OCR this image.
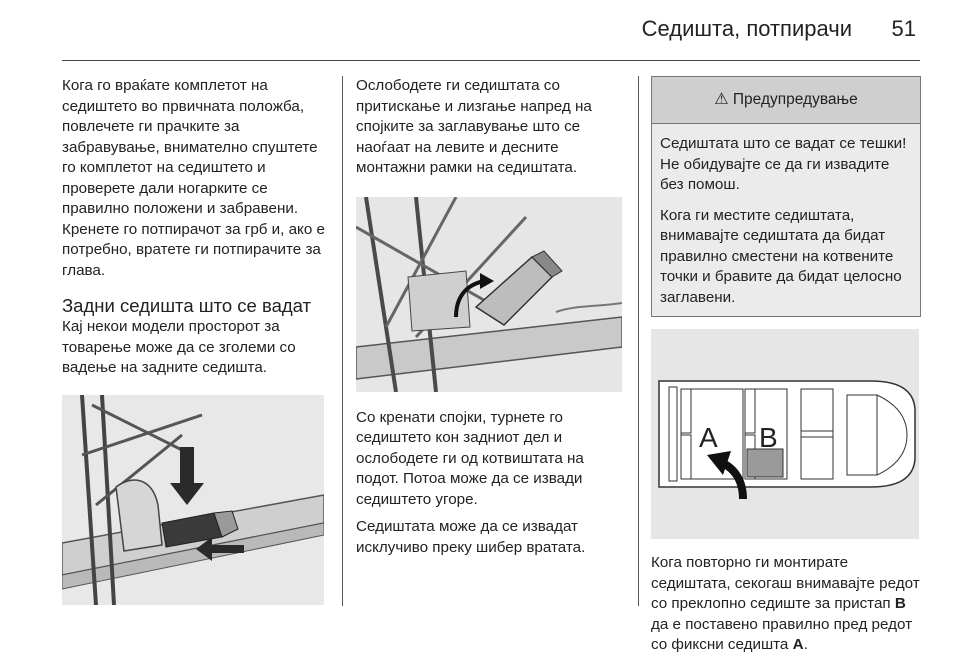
Седишта, потпирачи 51

Кога го враќате комплетот на седиштето во првичната положба, повлечете ги прачките за забравување, внимателно спуштете го комплетот на седиштето и проверете дали ногарките се правилно положени и забравени. Кренете го потпирачот за грб и, ако е потребно, вратете ги потпирачите за глава.

Задни седишта што се вадат

Кај некои модели просторот за товарење може да се зголеми со вадење на задните седишта.

Ослободете ги седиштата со притискање и лизгање напред на спојките за заглавување што се наоѓаат на левите и десните монтажни рамки на седиштата.

Со кренати спојки, турнете го седиштето кон задниот дел и ослободете ги од котвиштата на подот. Потоа може да се извади седиштето угоре.

Седиштата може да се извадат исклучиво преку шибер вратата.

⚠ Предупредување

Седиштата што се вадат се тешки! Не обидувајте се да ги извадите без помош.

Кога ги местите седиштата, внимавајте седиштата да бидат правилно сместени на котвените точки и бравите да бидат целосно заглавени.

A B

Кога повторно ги монтирате седиштата, секогаш внимавајте редот со преклопно седиште за пристап B да е поставено правилно пред редот со фиксни седишта A.
